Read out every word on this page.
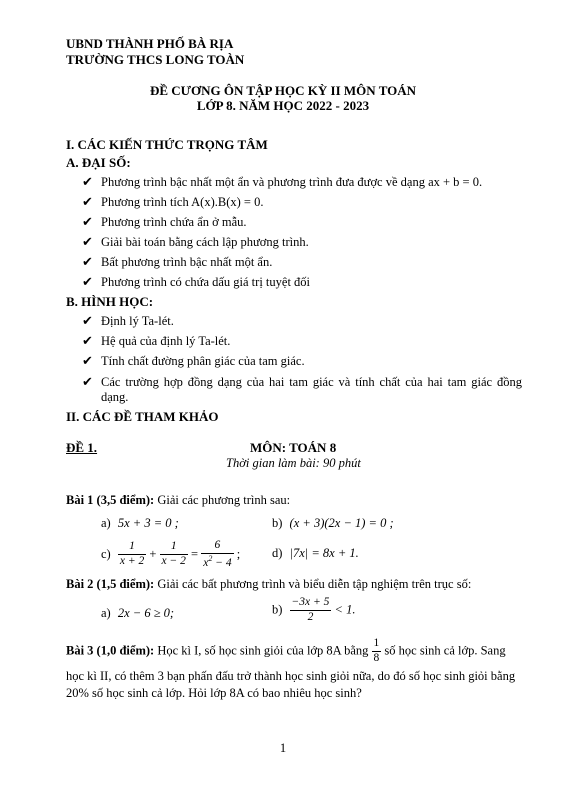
UBND THÀNH PHỐ BÀ RỊA
TRƯỜNG THCS LONG TOÀN
ĐỀ CƯƠNG ÔN TẬP HỌC KỲ II MÔN TOÁN
LỚP 8. NĂM HỌC 2022 - 2023
I. CÁC KIẾN THỨC TRỌNG TÂM
A. ĐẠI SỐ:
✔ Phương trình bậc nhất một ẩn và phương trình đưa được về dạng ax + b = 0.
✔ Phương trình tích A(x).B(x) = 0.
✔ Phương trình chứa ẩn ở mẫu.
✔ Giải bài toán bằng cách lập phương trình.
✔ Bất phương trình bậc nhất một ẩn.
✔ Phương trình có chứa dấu giá trị tuyệt đối
B. HÌNH HỌC:
✔ Định lý Ta-lét.
✔ Hệ quả của định lý Ta-lét.
✔ Tính chất đường phân giác của tam giác.
✔ Các trường hợp đồng dạng của hai tam giác và tính chất của hai tam giác đồng
dạng.
II. CÁC ĐỀ THAM KHẢO
ĐỀ 1.	MÔN: TOÁN 8
Thời gian làm bài: 90 phút
Bài 1 (3,5 điểm): Giải các phương trình sau:
a) 5x + 3 = 0 ;	b) (x + 3)(2x − 1) = 0 ;
$c) \frac{1}{x + 2} + \frac{1}{x - 2} = \frac{6}{x^2 - 4}$ ;	d) |7x| = 8x + 1.
Bài 2 (1,5 điểm): Giải các bất phương trình và biểu diễn tập nghiệm trên trục số:
a) 2x − 6 ≥ 0;	$b) \frac{-3x + 5}{2} < 1$.
Bài 3 (1,0 điểm): Học kì I, số học sinh giỏi của lớp 8A bằng $\frac{1}{8}$ số học sinh cả lớp. Sang
học kì II, có thêm 3 bạn phấn đấu trở thành học sinh giỏi nữa, do đó số học sinh giỏi bằng
20% số học sinh cả lớp. Hỏi lớp 8A có bao nhiêu học sinh?
1
